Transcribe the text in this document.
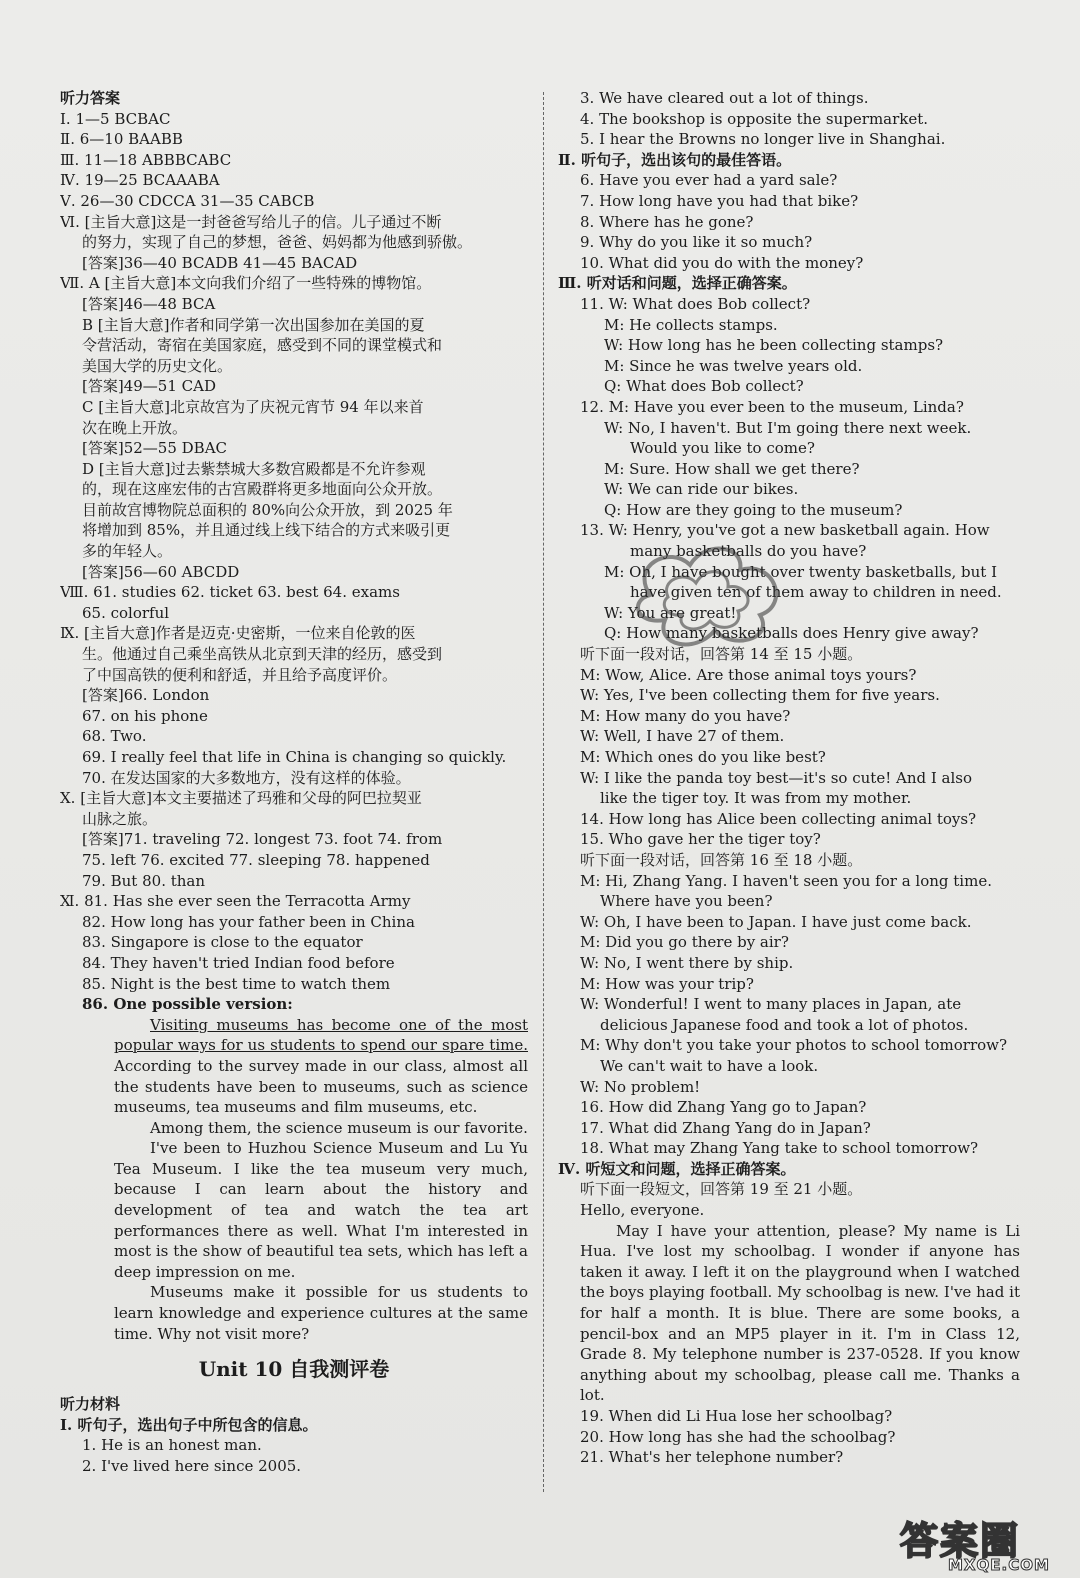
听力答案
Ⅰ. 1—5 BCBAC
Ⅱ. 6—10 BAABB
Ⅲ. 11—18 ABBBCABC
Ⅳ. 19—25 BCAAABA
Ⅴ. 26—30 CDCCA 31—35 CABCB
Ⅵ. [主旨大意]这是一封爸爸写给儿子的信。儿子通过不断
的努力，实现了自己的梦想，爸爸、妈妈都为他感到骄傲。
[答案]36—40 BCADB 41—45 BACAD
Ⅶ. A [主旨大意]本文向我们介绍了一些特殊的博物馆。
[答案]46—48 BCA
B [主旨大意]作者和同学第一次出国参加在美国的夏
令营活动，寄宿在美国家庭，感受到不同的课堂模式和
美国大学的历史文化。
[答案]49—51 CAD
C [主旨大意]北京故宫为了庆祝元宵节 94 年以来首
次在晚上开放。
[答案]52—55 DBAC
D [主旨大意]过去紫禁城大多数宫殿都是不允许参观
的，现在这座宏伟的古宫殿群将更多地面向公众开放。
目前故宫博物院总面积的 80%向公众开放，到 2025 年
将增加到 85%，并且通过线上线下结合的方式来吸引更
多的年轻人。
[答案]56—60 ABCDD
Ⅷ. 61. studies 62. ticket 63. best 64. exams
65. colorful
Ⅸ. [主旨大意]作者是迈克·史密斯，一位来自伦敦的医
生。他通过自己乘坐高铁从北京到天津的经历，感受到
了中国高铁的便利和舒适，并且给予高度评价。
[答案]66. London
67. on his phone
68. Two.
69. I really feel that life in China is changing so quickly.
70. 在发达国家的大多数地方，没有这样的体验。
Ⅹ. [主旨大意]本文主要描述了玛雅和父母的阿巴拉契亚
山脉之旅。
[答案]71. traveling 72. longest 73. foot 74. from
75. left 76. excited 77. sleeping 78. happened
79. But 80. than
Ⅺ. 81. Has she ever seen the Terracotta Army
82. How long has your father been in China
83. Singapore is close to the equator
84. They haven't tried Indian food before
85. Night is the best time to watch them
86. One possible version:

Visiting museums has become one of the most popular ways for us students to spend our spare time. According to the survey made in our class, almost all the students have been to museums, such as science museums, tea museums and film museums, etc.

Among them, the science museum is our favorite.

I've been to Huzhou Science Museum and Lu Yu Tea Museum. I like the tea museum very much, because I can learn about the history and development of tea and watch the tea art performances there as well. What I'm interested in most is the show of beautiful tea sets, which has left a deep impression on me.

Museums make it possible for us students to learn knowledge and experience cultures at the same time. Why not visit more?

Unit 10 自我测评卷
听力材料
Ⅰ. 听句子，选出句子中所包含的信息。
1. He is an honest man.
2. I've lived here since 2005.
3. We have cleared out a lot of things.
4. The bookshop is opposite the supermarket.
5. I hear the Browns no longer live in Shanghai.
Ⅱ. 听句子，选出该句的最佳答语。
6. Have you ever had a yard sale?
7. How long have you had that bike?
8. Where has he gone?
9. Why do you like it so much?
10. What did you do with the money?
Ⅲ. 听对话和问题，选择正确答案。
11. W: What does Bob collect?
M: He collects stamps.
W: How long has he been collecting stamps?
M: Since he was twelve years old.
Q: What does Bob collect?
12. M: Have you ever been to the museum, Linda?
W: No, I haven't. But I'm going there next week.
Would you like to come?
M: Sure. How shall we get there?
W: We can ride our bikes.
Q: How are they going to the museum?
13. W: Henry, you've got a new basketball again. How
many basketballs do you have?
M: Oh, I have bought over twenty basketballs, but I
have given ten of them away to children in need.
W: You are great!
Q: How many basketballs does Henry give away?
听下面一段对话，回答第 14 至 15 小题。
M: Wow, Alice. Are those animal toys yours?
W: Yes, I've been collecting them for five years.
M: How many do you have?
W: Well, I have 27 of them.
M: Which ones do you like best?
W: I like the panda toy best—it's so cute! And I also
like the tiger toy. It was from my mother.
14. How long has Alice been collecting animal toys?
15. Who gave her the tiger toy?
听下面一段对话，回答第 16 至 18 小题。
M: Hi, Zhang Yang. I haven't seen you for a long time.
Where have you been?
W: Oh, I have been to Japan. I have just come back.
M: Did you go there by air?
W: No, I went there by ship.
M: How was your trip?
W: Wonderful! I went to many places in Japan, ate
delicious Japanese food and took a lot of photos.
M: Why don't you take your photos to school tomorrow?
We can't wait to have a look.
W: No problem!
16. How did Zhang Yang go to Japan?
17. What did Zhang Yang do in Japan?
18. What may Zhang Yang take to school tomorrow?
Ⅳ. 听短文和问题，选择正确答案。
听下面一段短文，回答第 19 至 21 小题。
Hello, everyone.
May I have your attention, please? My name is Li Hua. I've lost my schoolbag. I wonder if anyone has taken it away. I left it on the playground when I watched the boys playing football. My schoolbag is new. I've had it for half a month. It is blue. There are some books, a pencil-box and an MP5 player in it. I'm in Class 12, Grade 8. My telephone number is 237-0528. If you know anything about my schoolbag, please call me. Thanks a lot.
19. When did Li Hua lose her schoolbag?
20. How long has she had the schoolbag?
21. What's her telephone number?
答案圈
MXQE.COM
